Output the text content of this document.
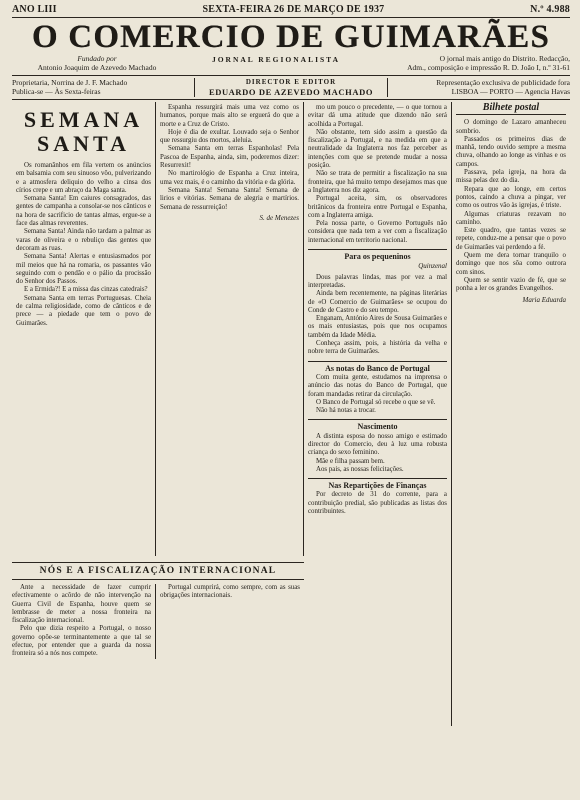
ANO LIII	SEXTA-FEIRA 26 DE MARÇO DE 1937	N.º 4.988
O COMERCIO DE GUIMARÃES
Fundado por
Antonio Joaquim de Azevedo Machado
JORNAL REGIONALISTA	O jornal mais antigo do Distrito. Redacção,
Adm., composição e impressão R. D. João I, n.º 31-61
Proprietaria, Norrina de J. F. Machado
Publica-se — Às Sexta-feiras
DIRECTOR E EDITOR
EDUARDO DE AZEVEDO MACHADO
Representação exclusiva de publicidade fora
LISBOA — PORTO — Agencia Havas
SEMANA SANTA

Os romanãnhos em fila vertem os anúncios em balsamia com seu sinuoso vôo, pulverizando e a atmosfera deliquio do velho a cinsa dos círios crepe e um abraço da Maga santa.

Semana Santa! Em caiures consagrados, das gentes de campanha a consolar-se nos cânticos e na hora de sacrificio de tantas almas, ergue-se a face das almas reverentes.

Semana Santa! Ainda não tardam a palmar as varas de oliveira e o rebuliço das gentes que decoram as ruas.

Semana Santa! Alertas e entusiasmados por mil meios que há na romaria, os passantes vão seguindo com o pendão e o pálio da procissão do Senhor dos Passos.

E a Ermida?! E a missa das cinzas catedrais?

Semana Santa em terras Portuguesas. Cheia de calma religiosidade, como de cânticos e de prece — a piedade que tem o povo de Guimarães.

Espanha ressurgirá mais uma vez como os humanos, porque mais alto se erguerá do que a morte e a Cruz de Cristo.

Hoje é dia de exultar. Louvado seja o Senhor que ressurgiu dos mortos, aleluia.

Semana Santa em terras Espanholas! Pela Pascoa de Espanha, ainda, sim, poderemos dizer: Resurrexit!

No martirológio de Espanha a Cruz inteira, uma vez mais, é o caminho da vitória e da glória.

Semana Santa! Semana Santa! Semana de lirios e vitórias. Semana de alegria e martírios. Semana de ressurreição!

S. de Menezes

mo um pouco o precedente, — o que tornou a evitar dá uma atitude que dizendo não será acolhida a Portugal.

Não obstante, tem sido assim a questão da fiscalização a Portugal, e na medida em que a neutralidade da Inglaterra nos faz perceber as intenções com que se pretende mudar a nossa posição.

Não se trata de permitir a fiscalização na sua fronteira, que há muito tempo desejamos mas que a Inglaterra nos diz agora.

Portugal aceita, sim, os observadores britânicos da fronteira entre Portugal e Espanha, com a Inglaterra amiga.

Pela nossa parte, o Governo Português não considera que nada tem a ver com a fiscalização internacional em territorio nacional.

Para os pequeninos
Quinzenal

Dous palavras lindas, mas por vez a mal interpretadas.

Ainda bem recentemente, na páginas literárias de «O Comercio de Guimarães» se ocupou do Conde de Castro e do seu tempo.

Enganam, António Aires de Sousa Guimarães e os mais entusiastas, pois que nos ocupamos também da Idade Média.

Conheça assim, pois, a história da velha e nobre terra de Guimarães.

As notas do Banco de Portugal

Com muita gente, estudamos na imprensa o anúncio das notas do Banco de Portugal, que foram mandadas retirar da circulação.

O Banco de Portugal só recebe o que se vê.

Não há notas a trocar.

Nascimento

A distinta esposa do nosso amigo e estimado director do Comercio, deu à luz uma robusta criança do sexo feminino.

Mãe e filha passam bem.

Aos pais, as nossas felicitações.

Nas Repartições de Finanças

Por decreto de 31 do corrente, para a contribuição predial, são publicadas as listas dos contribuintes.

Bilhete postal

O domingo de Lazaro amanheceu sombrio.

Passados os primeiros dias de manhã, tendo ouvido sempre a mesma chuva, olhando ao longe as vinhas e os campos.

Passava, pela igreja, na hora da missa pelas dez do dia.

Repara que ao longe, em certos pontos, caindo a chuva a pingar, ver como os outros vão às igrejas, é triste.

Algumas criaturas rezavam no caminho.

Este quadro, que tantas vezes se repete, conduz-me a pensar que o povo de Guimarães vai perdendo a fé.

Quem me dera tornar tranquilo o domingo que nos sôa como outrora com sinos.

Quem se sentir vazio de fé, que se ponha a ler os grandes Evangelhos.

Maria Eduarda
NÓS E A FISCALIZAÇÃO INTERNACIONAL

Ante a necessidade de fazer cumprir efectivamente o acôrdo de não intervenção na Guerra Civil de Espanha, houve quem se lembrasse de meter a nossa fronteira na fiscalização internacional.

Pelo que dizia respeito a Portugal, o nosso governo opõe-se terminantemente a que tal se efectue, por entender que a guarda da nossa fronteira só a nós nos compete.

Portugal cumprirá, como sempre, com as suas obrigações internacionais.
